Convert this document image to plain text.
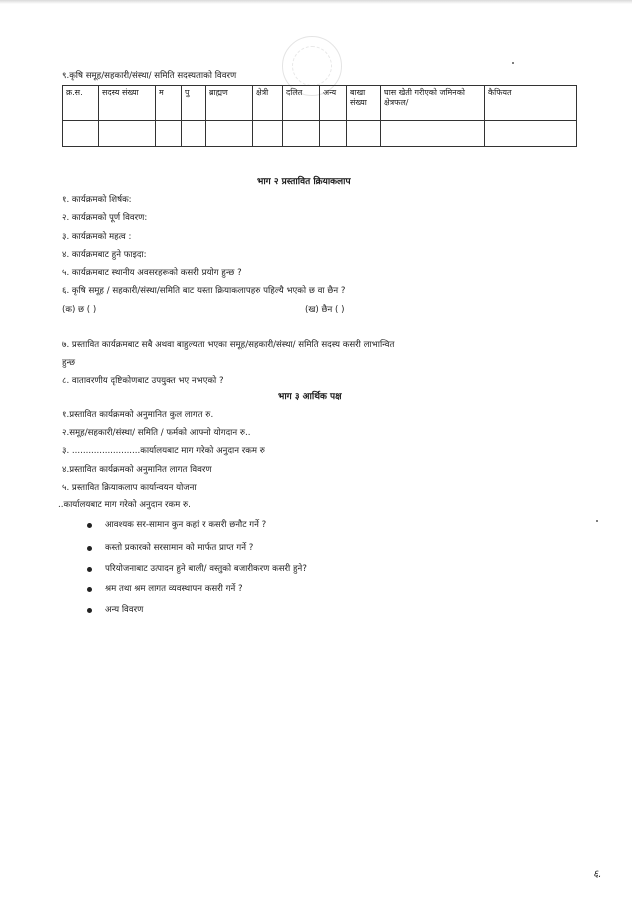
९.कृषि समूह/सहकारी/संस्था/ समिति सदस्यताको विवरण
क्र.स.	सदस्य संख्या	म	पु	ब्राह्मण	क्षेत्री	दलित	अन्य	बाखा संख्या	घास खेती गरीएको जमिनको क्षेत्रफल/	कैफियत

भाग २ प्रस्तावित क्रियाकलाप
१. कार्यक्रमको शिर्षक:
२. कार्यक्रमको पूर्ण विवरण:
३. कार्यक्रमको महत्व :
४. कार्यक्रमबाट हुने फाइदा:
५. कार्यक्रमबाट स्थानीय अवसरहरूको कसरी प्रयोग हुन्छ ?
६. कृषि समूह / सहकारी/संस्था/समिति बाट यस्ता क्रियाकलापहरु पहिल्यै भएको छ वा छैन ?
(क) छ ( )	(ख) छैन ( )
७. प्रस्तावित कार्यक्रमबाट सबै अथवा बाहुल्यता भएका समूह/सहकारी/संस्था/ समिति सदस्य कसरी लाभान्वित
हुन्छ
८. वातावरणीय दृष्टिकोणबाट उपयुक्त भए नभएको ?
भाग ३ आर्थिक पक्ष
१.प्रस्तावित कार्यक्रमको अनुमानित कुल लागत रु.
२.समूह/सहकारी/संस्था/ समिति / फर्मको आफ्नो योगदान रु..
३. .........................कार्यालयबाट माग गरेको अनुदान रकम रु
४.प्रस्तावित कार्यक्रमको अनुमानित लागत विवरण
५. प्रस्तावित क्रियाकलाप कार्यान्वयन योजना
..कार्यालयबाट माग गरेको अनुदान रकम रु.
आवश्यक सर-सामान कुन कहां र कसरी छनौट गर्ने ?
कस्तो प्रकारको सरसामान को मार्फत प्राप्त गर्ने ?
परियोजनाबाट उत्पादन हुने बाली/ वस्तुको बजारीकरण कसरी हुने?
श्रम तथा श्रम लागत व्यवस्थापन कसरी गर्ने ?
अन्य विवरण
६.
